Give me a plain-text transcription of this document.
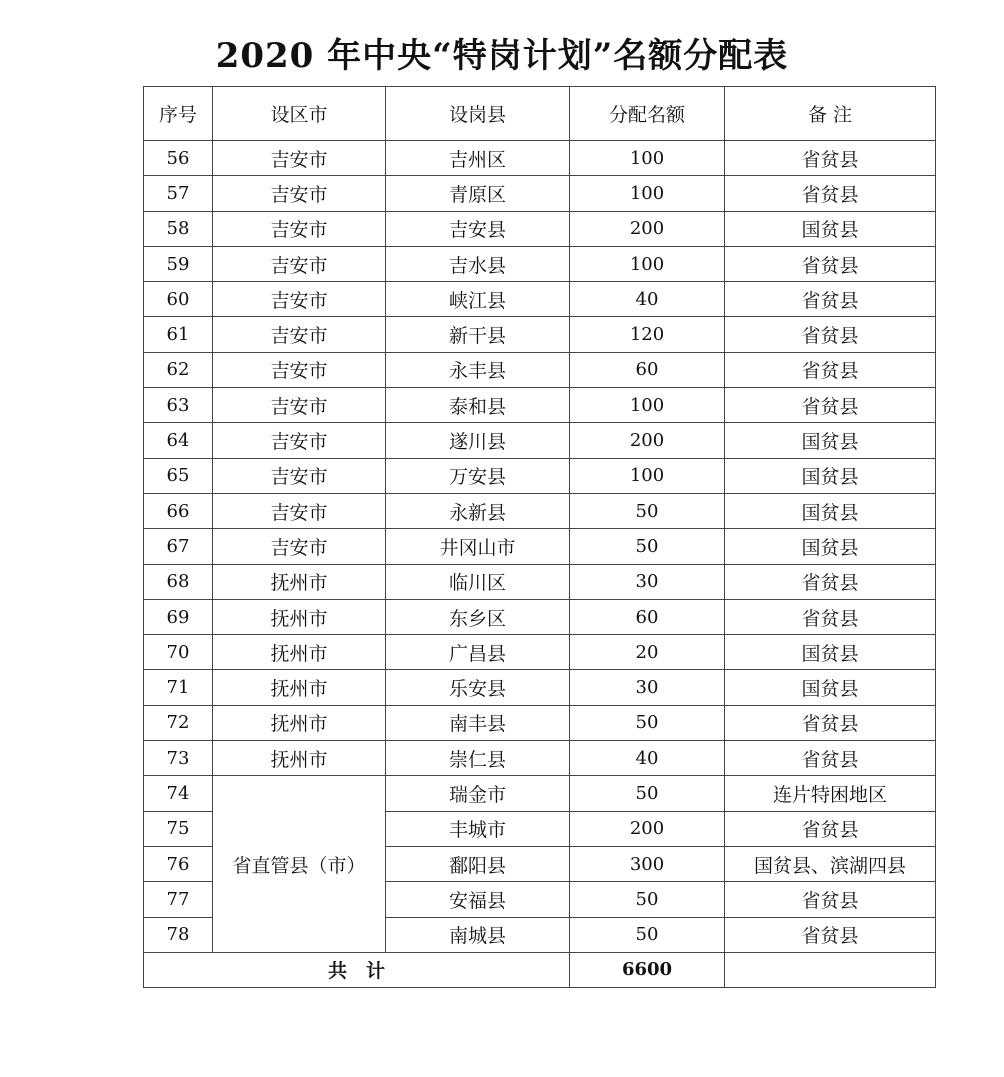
2020 年中央“特岗计划”名额分配表
序号	设区市	设岗县	分配名额	备 注
56	吉安市	吉州区	100	省贫县
57	吉安市	青原区	100	省贫县
58	吉安市	吉安县	200	国贫县
59	吉安市	吉水县	100	省贫县
60	吉安市	峡江县	40	省贫县
61	吉安市	新干县	120	省贫县
62	吉安市	永丰县	60	省贫县
63	吉安市	泰和县	100	省贫县
64	吉安市	遂川县	200	国贫县
65	吉安市	万安县	100	国贫县
66	吉安市	永新县	50	国贫县
67	吉安市	井冈山市	50	国贫县
68	抚州市	临川区	30	省贫县
69	抚州市	东乡区	60	省贫县
70	抚州市	广昌县	20	国贫县
71	抚州市	乐安县	30	国贫县
72	抚州市	南丰县	50	省贫县
73	抚州市	崇仁县	40	省贫县
74	省直管县（市）	瑞金市	50	连片特困地区
75		丰城市	200	省贫县
76		鄱阳县	300	国贫县、滨湖四县
77		安福县	50	省贫县
78		南城县	50	省贫县
共　计			6600	
